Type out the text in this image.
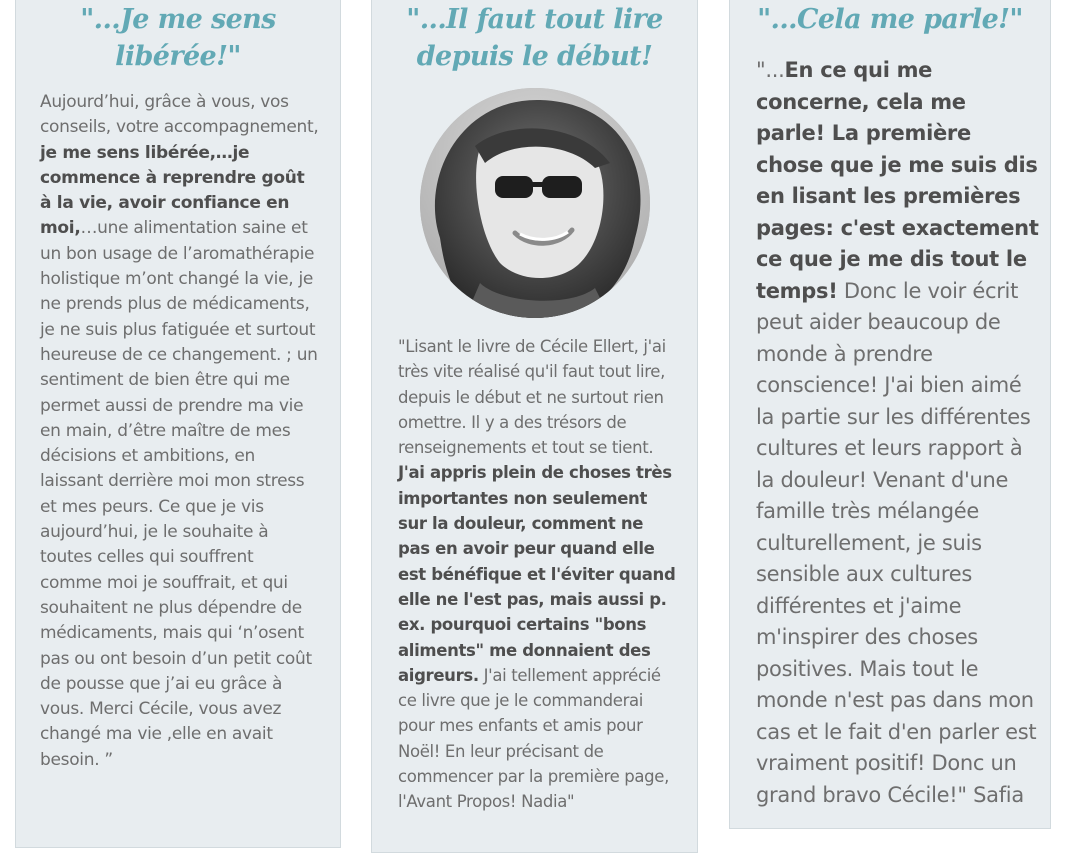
"...Je me sens libérée!"

Aujourd’hui, grâce à vous, vos conseils, votre accompagnement, je me sens libérée,…je commence à reprendre goût à la vie, avoir confiance en moi,…une alimentation saine et un bon usage de l’aromathérapie holistique m’ont changé la vie, je ne prends plus de médicaments, je ne suis plus fatiguée et surtout heureuse de ce changement. ; un sentiment de bien être qui me permet aussi de prendre ma vie en main, d’être maître de mes décisions et ambitions, en laissant derrière moi mon stress et mes peurs. Ce que je vis aujourd’hui, je le souhaite à toutes celles qui souffrent comme moi je souffrait, et qui souhaitent ne plus dépendre de médicaments, mais qui ‘n’osent pas ou ont besoin d’un petit coût de pousse que j’ai eu grâce à vous. Merci Cécile, vous avez changé ma vie ,elle en avait besoin. ”

"...Il faut tout lire depuis le début!

"Lisant le livre de Cécile Ellert, j'ai très vite réalisé qu'il faut tout lire, depuis le début et ne surtout rien omettre. Il y a des trésors de renseignements et tout se tient. J'ai appris plein de choses très importantes non seulement sur la douleur, comment ne pas en avoir peur quand elle est bénéfique et l'éviter quand elle ne l'est pas, mais aussi p. ex. pourquoi certains "bons aliments" me donnaient des aigreurs. J'ai tellement apprécié ce livre que je le commanderai pour mes enfants et amis pour Noël! En leur précisant de commencer par la première page, l'Avant Propos! Nadia"

"...Cela me parle!"

"...En ce qui me concerne, cela me parle! La première chose que je me suis dis en lisant les premières pages: c'est exactement ce que je me dis tout le temps! Donc le voir écrit peut aider beaucoup de monde à prendre conscience! J'ai bien aimé la partie sur les différentes cultures et leurs rapport à la douleur! Venant d'une famille très mélangée culturellement, je suis sensible aux cultures différentes et j'aime m'inspirer des choses positives. Mais tout le monde n'est pas dans mon cas et le fait d'en parler est vraiment positif! Donc un grand bravo Cécile!" Safia
